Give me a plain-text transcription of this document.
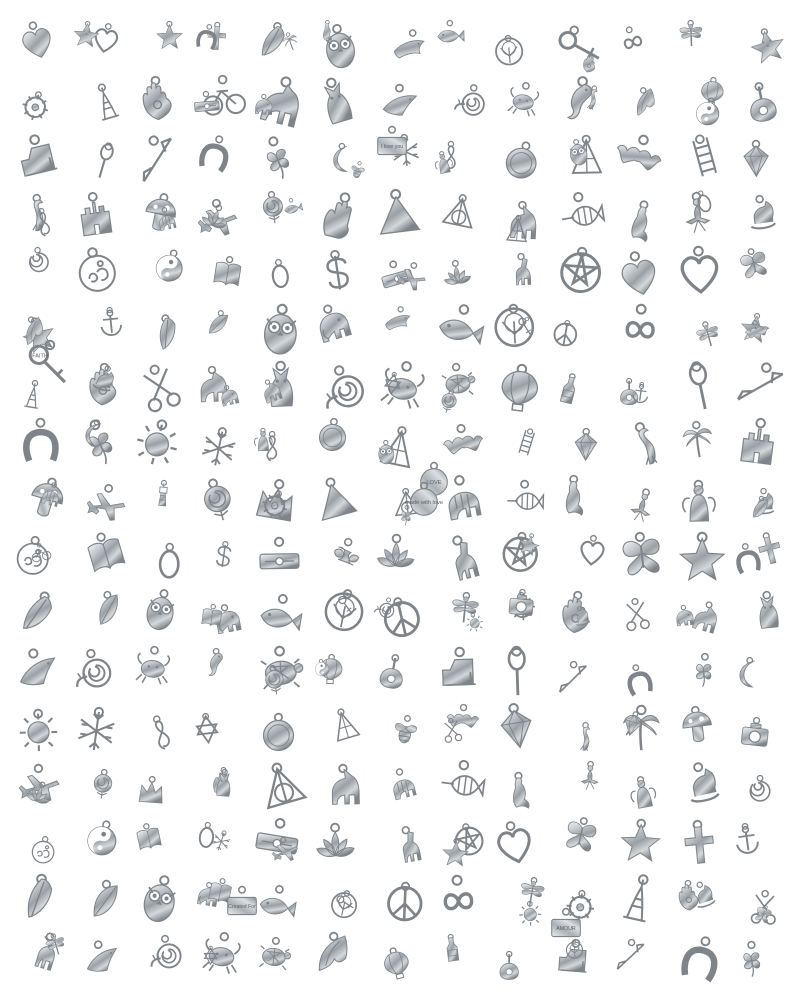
FAITH
LOVE
made with love
Created For
AMOUR
I love you
